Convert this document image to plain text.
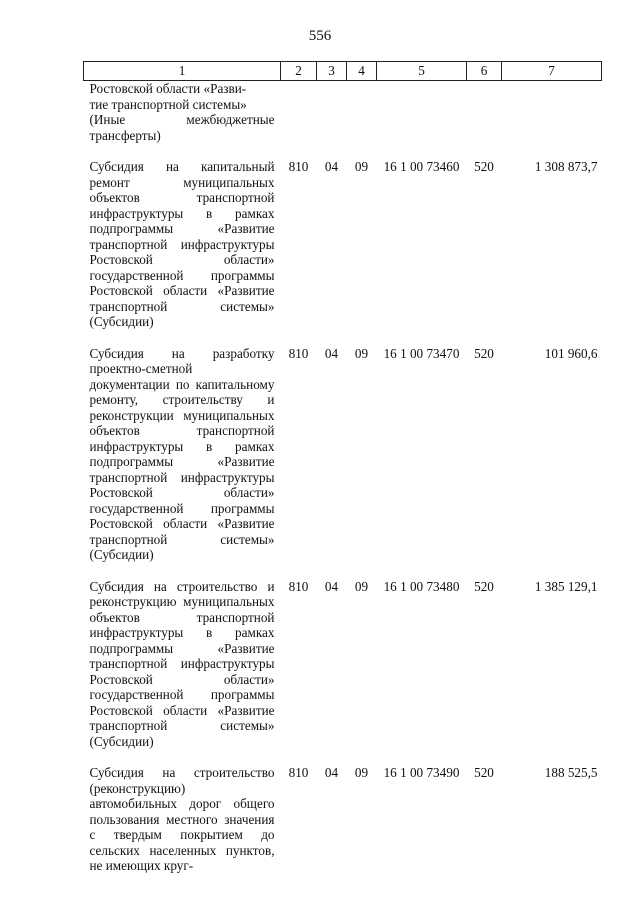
556
1	2	3	4	5	6	7

Ростовской области «Разви-
тие транспортной системы»
(Иные межбюджетные
трансферты)						

Субсидия на капитальный ремонт муниципальных объектов транспортной инфраструктуры в рамках подпрограммы «Развитие транспортной инфраструктуры Ростовской области» государственной программы Ростовской области «Развитие транспортной системы» (Субсидии)	810	04	09	16 1 00 73460	520	1 308 873,7
Субсидия на разработку проектно-сметной документации по капитальному ремонту, строительству и реконструкции муниципальных объектов транспортной инфраструктуры в рамках подпрограммы «Развитие транспортной инфраструктуры Ростовской области» государственной программы Ростовской области «Развитие транспортной системы» (Субсидии)	810	04	09	16 1 00 73470	520	101 960,6
Субсидия на строительство и реконструкцию муниципальных объектов транспортной инфраструктуры в рамках подпрограммы «Развитие транспортной инфраструктуры Ростовской области» государственной программы Ростовской области «Развитие транспортной системы» (Субсидии)	810	04	09	16 1 00 73480	520	1 385 129,1
Субсидия на строительство (реконструкцию) автомобильных дорог общего пользования местного значения с твердым покрытием до сельских населенных пунктов, не имеющих круг-	810	04	09	16 1 00 73490	520	188 525,5
